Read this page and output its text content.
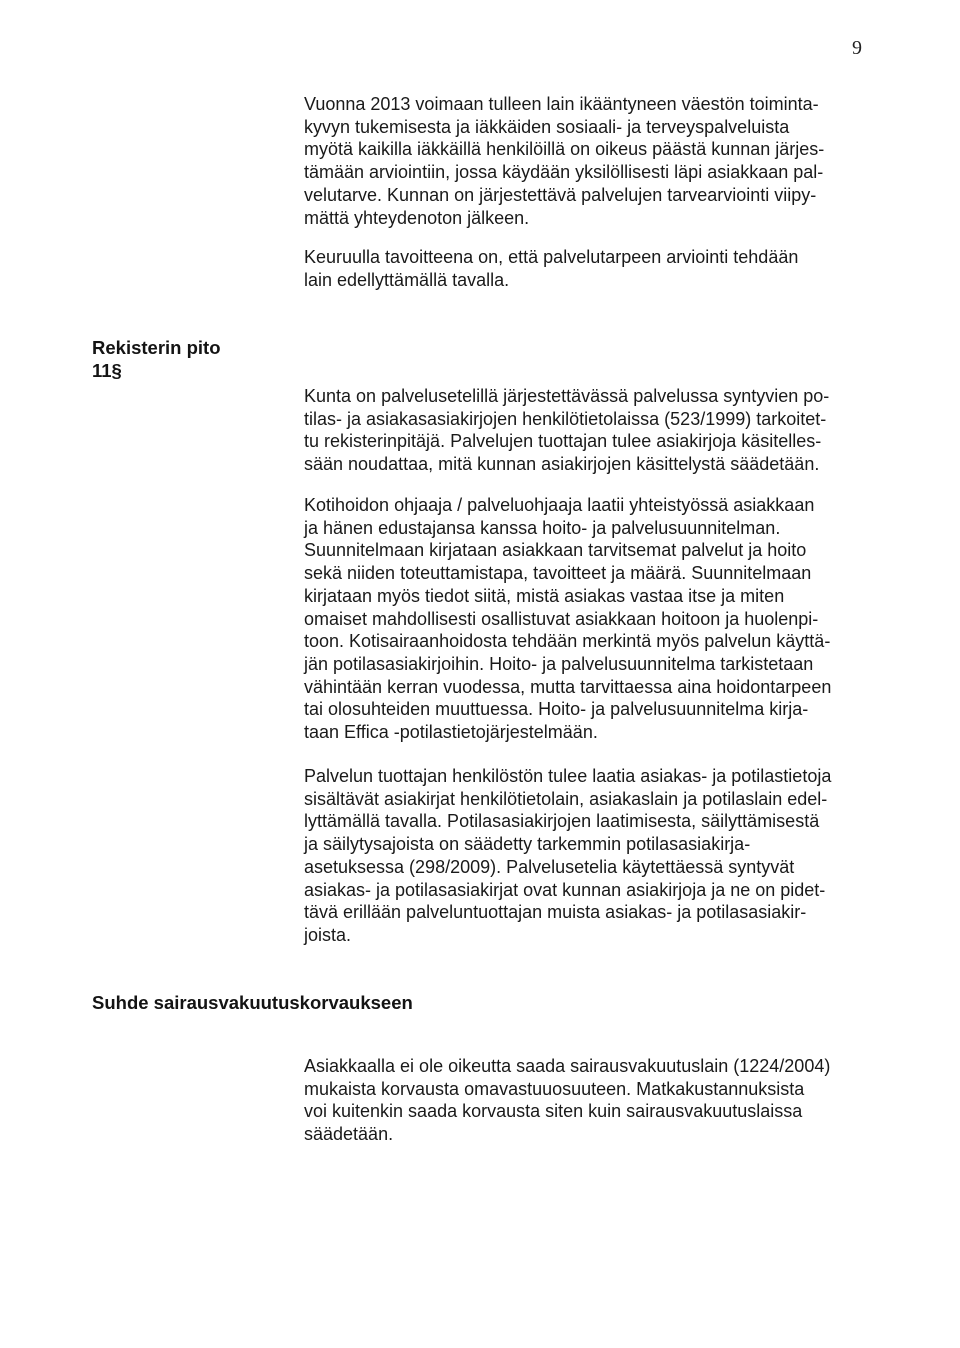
9

Vuonna 2013 voimaan tulleen lain ikääntyneen väestön toiminta-
kyvyn tukemisesta ja iäkkäiden sosiaali- ja terveyspalveluista
myötä kaikilla iäkkäillä henkilöillä on oikeus päästä kunnan järjes-
tämään arviointiin, jossa käydään yksilöllisesti läpi asiakkaan pal-
velutarve. Kunnan on järjestettävä palvelujen tarvearviointi viipy-
mättä yhteydenoton jälkeen.

Keuruulla tavoitteena on, että palvelutarpeen arviointi tehdään
lain edellyttämällä tavalla.

Rekisterin pito
11§

Kunta on palvelusetelillä järjestettävässä palvelussa syntyvien po-
tilas- ja asiakasasiakirjojen henkilötietolaissa (523/1999) tarkoitet-
tu rekisterinpitäjä. Palvelujen tuottajan tulee asiakirjoja käsitelles-
sään noudattaa, mitä kunnan asiakirjojen käsittelystä säädetään.

Kotihoidon ohjaaja / palveluohjaaja laatii yhteistyössä asiakkaan
ja hänen edustajansa kanssa hoito- ja palvelusuunnitelman.
Suunnitelmaan kirjataan asiakkaan tarvitsemat palvelut ja hoito
sekä niiden toteuttamistapa, tavoitteet ja määrä. Suunnitelmaan
kirjataan myös tiedot siitä, mistä asiakas vastaa itse ja miten
omaiset mahdollisesti osallistuvat asiakkaan hoitoon ja huolenpi-
toon. Kotisairaanhoidosta tehdään merkintä myös palvelun käyttä-
jän potilasasiakirjoihin. Hoito- ja palvelusuunnitelma tarkistetaan
vähintään kerran vuodessa, mutta tarvittaessa aina hoidontarpeen
tai olosuhteiden muuttuessa. Hoito- ja palvelusuunnitelma kirja-
taan Effica -potilastietojärjestelmään.

Palvelun tuottajan henkilöstön tulee laatia asiakas- ja potilastietoja
sisältävät asiakirjat henkilötietolain, asiakaslain ja potilaslain edel-
lyttämällä tavalla. Potilasasiakirjojen laatimisesta, säilyttämisestä
ja säilytysajoista on säädetty tarkemmin potilasasiakirja-
asetuksessa (298/2009). Palvelusetelia käytettäessä syntyvät
asiakas- ja potilasasiakirjat ovat kunnan asiakirjoja ja ne on pidet-
tävä erillään palveluntuottajan muista asiakas- ja potilasasiakir-
joista.

Suhde sairausvakuutuskorvaukseen

Asiakkaalla ei ole oikeutta saada sairausvakuutuslain (1224/2004)
mukaista korvausta omavastuuosuuteen. Matkakustannuksista
voi kuitenkin saada korvausta siten kuin sairausvakuutuslaissa
säädetään.
